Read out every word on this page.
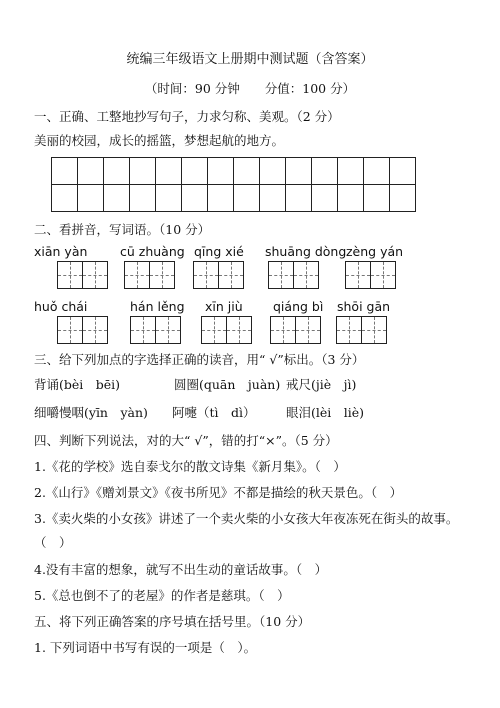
统编三年级语文上册期中测试题（含答案）
（时间：90 分钟　　分值：100 分）
一、正确、工整地抄写句子，力求匀称、美观。（2 分）
美丽的校园，成长的摇篮，梦想起航的地方。
二、看拼音，写词语。（10 分）
xiān yàn	cū zhuàng qīng xié shuāng dòng zèng yán
huǒ chái	hán lěng xīn jiù qiáng bì shōi gān
三、给下列加点的字选择正确的读音，用“ √”标出。（3 分）
背诵(bèi　bēi)	圆圈(quān　juàn) 戒尺(jiè　jì)
细嚼慢咽(yīn　yàn) 阿嚏（tì　dì） 眼泪(lèi　liè)
四、判断下列说法，对的大“ √”，错的打“×”。（5 分）
1.《花的学校》选自泰戈尔的散文诗集《新月集》。（　）
2.《山行》《赠刘景文》《夜书所见》不都是描绘的秋天景色。（　）
3.《卖火柴的小女孩》讲述了一个卖火柴的小女孩大年夜冻死在街头的故事。
（　）
4.没有丰富的想象，就写不出生动的童话故事。（　）
5.《总也倒不了的老屋》的作者是慈琪。（　）
五、将下列正确答案的序号填在括号里。（10 分）
1. 下列词语中书写有误的一项是（　）。
